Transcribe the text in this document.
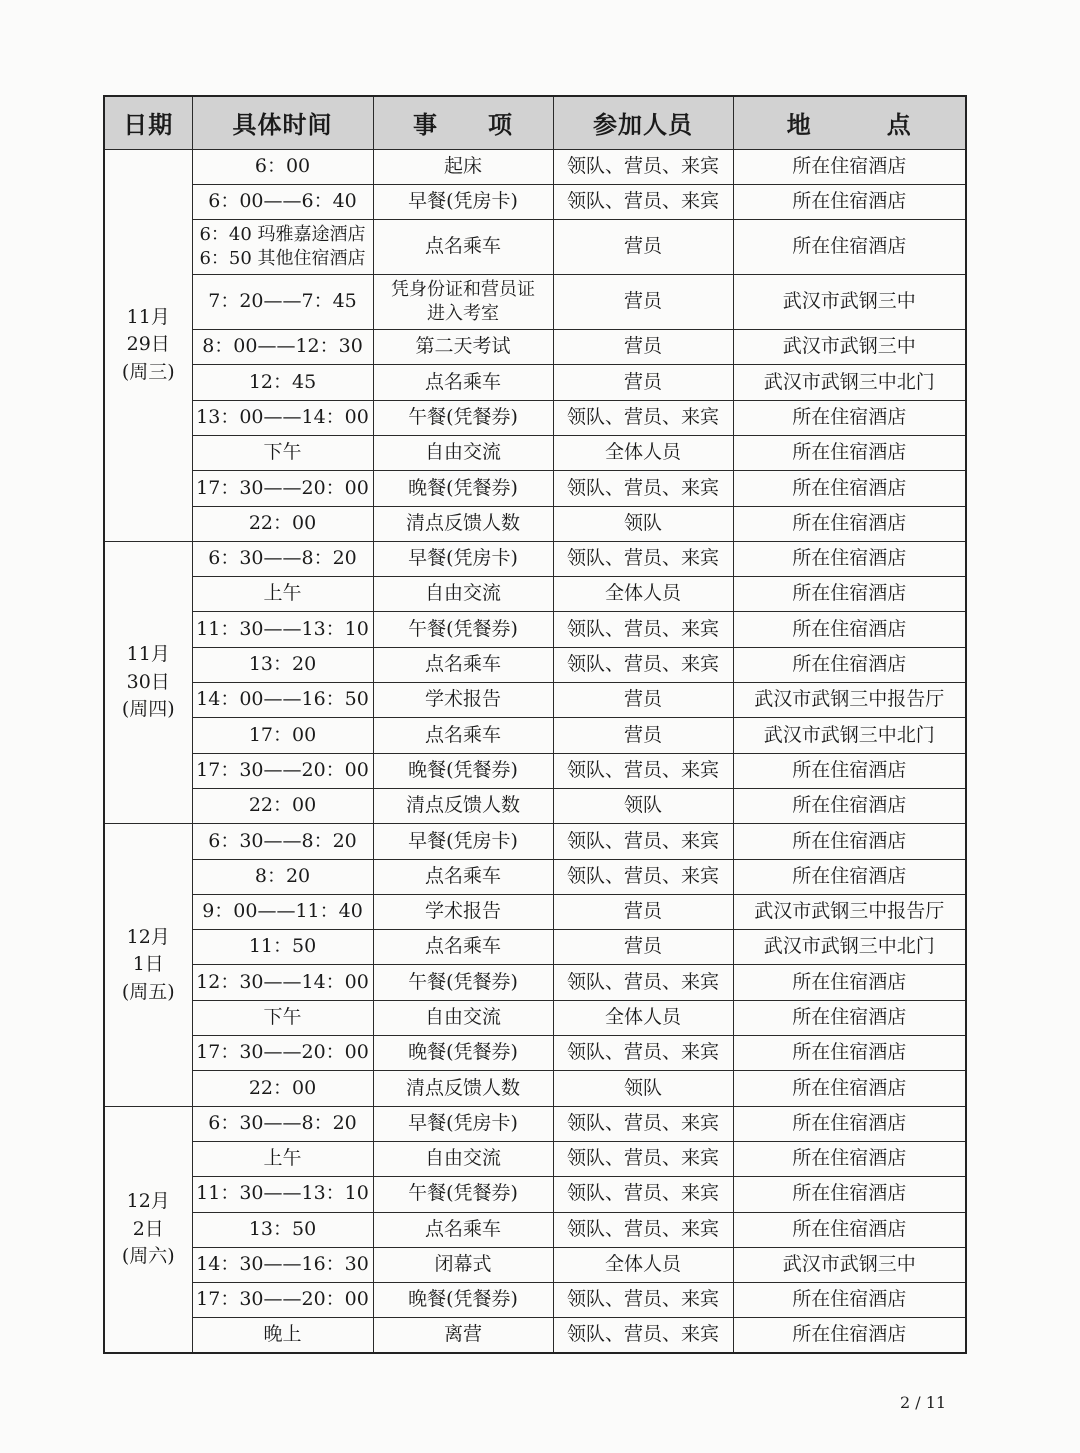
日期	具体时间	事　　项	参加人员	地　　　点

11月
29日
(周三)	6：00	起床	领队、营员、来宾	所在住宿酒店

	6：00——6：40	早餐(凭房卡)	领队、营员、来宾	所在住宿酒店

	6：40 玛雅嘉途酒店
6：50 其他住宿酒店	点名乘车	营员	所在住宿酒店

	7：20——7：45	凭身份证和营员证
进入考室	营员	武汉市武钢三中

	8：00——12：30	第二天考试	营员	武汉市武钢三中

	12：45	点名乘车	营员	武汉市武钢三中北门

	13：00——14：00	午餐(凭餐券)	领队、营员、来宾	所在住宿酒店

	下午	自由交流	全体人员	所在住宿酒店

	17：30——20：00	晚餐(凭餐券)	领队、营员、来宾	所在住宿酒店

	22：00	清点反馈人数	领队	所在住宿酒店

11月
30日
(周四)	6：30——8：20	早餐(凭房卡)	领队、营员、来宾	所在住宿酒店

	上午	自由交流	全体人员	所在住宿酒店

	11：30——13：10	午餐(凭餐券)	领队、营员、来宾	所在住宿酒店

	13：20	点名乘车	领队、营员、来宾	所在住宿酒店

	14：00——16：50	学术报告	营员	武汉市武钢三中报告厅

	17：00	点名乘车	营员	武汉市武钢三中北门

	17：30——20：00	晚餐(凭餐券)	领队、营员、来宾	所在住宿酒店

	22：00	清点反馈人数	领队	所在住宿酒店

12月
1日
(周五)	6：30——8：20	早餐(凭房卡)	领队、营员、来宾	所在住宿酒店

	8：20	点名乘车	领队、营员、来宾	所在住宿酒店

	9：00——11：40	学术报告	营员	武汉市武钢三中报告厅

	11：50	点名乘车	营员	武汉市武钢三中北门

	12：30——14：00	午餐(凭餐券)	领队、营员、来宾	所在住宿酒店

	下午	自由交流	全体人员	所在住宿酒店

	17：30——20：00	晚餐(凭餐券)	领队、营员、来宾	所在住宿酒店

	22：00	清点反馈人数	领队	所在住宿酒店

12月
2日
(周六)	6：30——8：20	早餐(凭房卡)	领队、营员、来宾	所在住宿酒店

	上午	自由交流	领队、营员、来宾	所在住宿酒店

	11：30——13：10	午餐(凭餐券)	领队、营员、来宾	所在住宿酒店

	13：50	点名乘车	领队、营员、来宾	所在住宿酒店

	14：30——16：30	闭幕式	全体人员	武汉市武钢三中

	17：30——20：00	晚餐(凭餐券)	领队、营员、来宾	所在住宿酒店

	晚上	离营	领队、营员、来宾	所在住宿酒店
2 / 11
